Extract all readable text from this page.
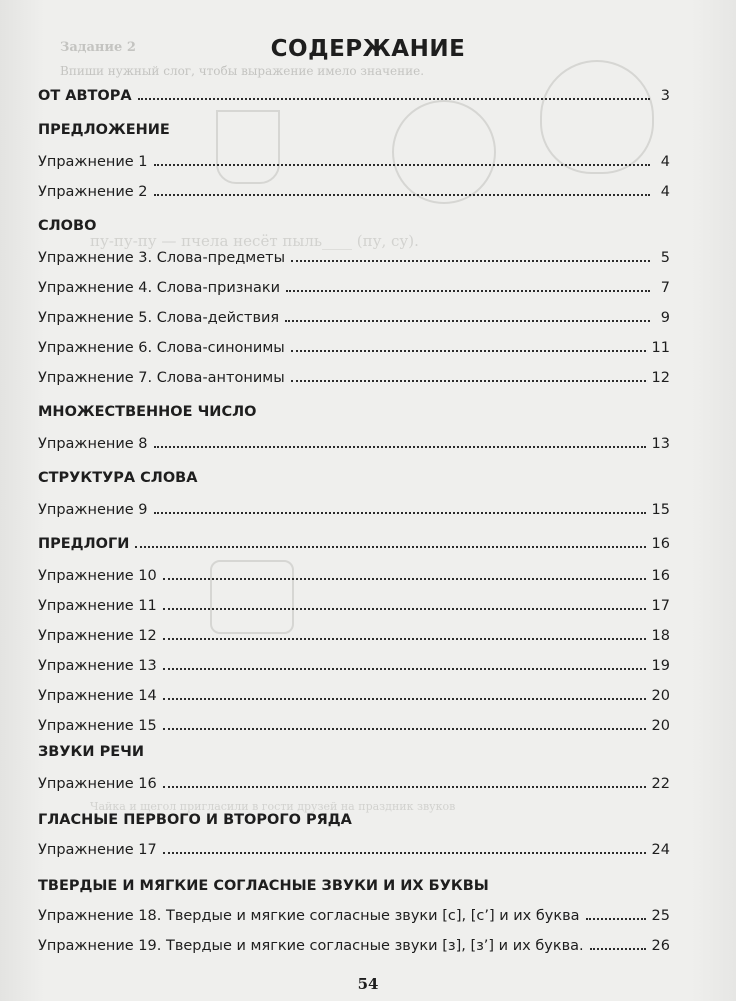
Задание 2
Впиши нужный слог, чтобы выражение имело значение.
пу-пу-пу — пчела несёт пыль____ (пу, су).
Чайка и щегол пригласили в гости друзей на праздник звуков
СОДЕРЖАНИЕ
ОТ АВТОРА	3
ПРЕДЛОЖЕНИЕ
Упражнение 1	4
Упражнение 2	4
СЛОВО
Упражнение 3. Слова-предметы	5
Упражнение 4. Слова-признаки	7
Упражнение 5. Слова-действия	9
Упражнение 6. Слова-синонимы	11
Упражнение 7. Слова-антонимы	12
МНОЖЕСТВЕННОЕ ЧИСЛО
Упражнение 8	13
СТРУКТУРА СЛОВА
Упражнение 9	15
ПРЕДЛОГИ	16
Упражнение 10	16
Упражнение 11	17
Упражнение 12	18
Упражнение 13	19
Упражнение 14	20
Упражнение 15	20
ЗВУКИ РЕЧИ
Упражнение 16	22
ГЛАСНЫЕ ПЕРВОГО И ВТОРОГО РЯДА
Упражнение 17	24
ТВЕРДЫЕ И МЯГКИЕ СОГЛАСНЫЕ ЗВУКИ И ИХ БУКВЫ
Упражнение 18. Твердые и мягкие согласные звуки [с], [с’] и их буква	25
Упражнение 19. Твердые и мягкие согласные звуки [з], [з’] и их буква.	26
54
